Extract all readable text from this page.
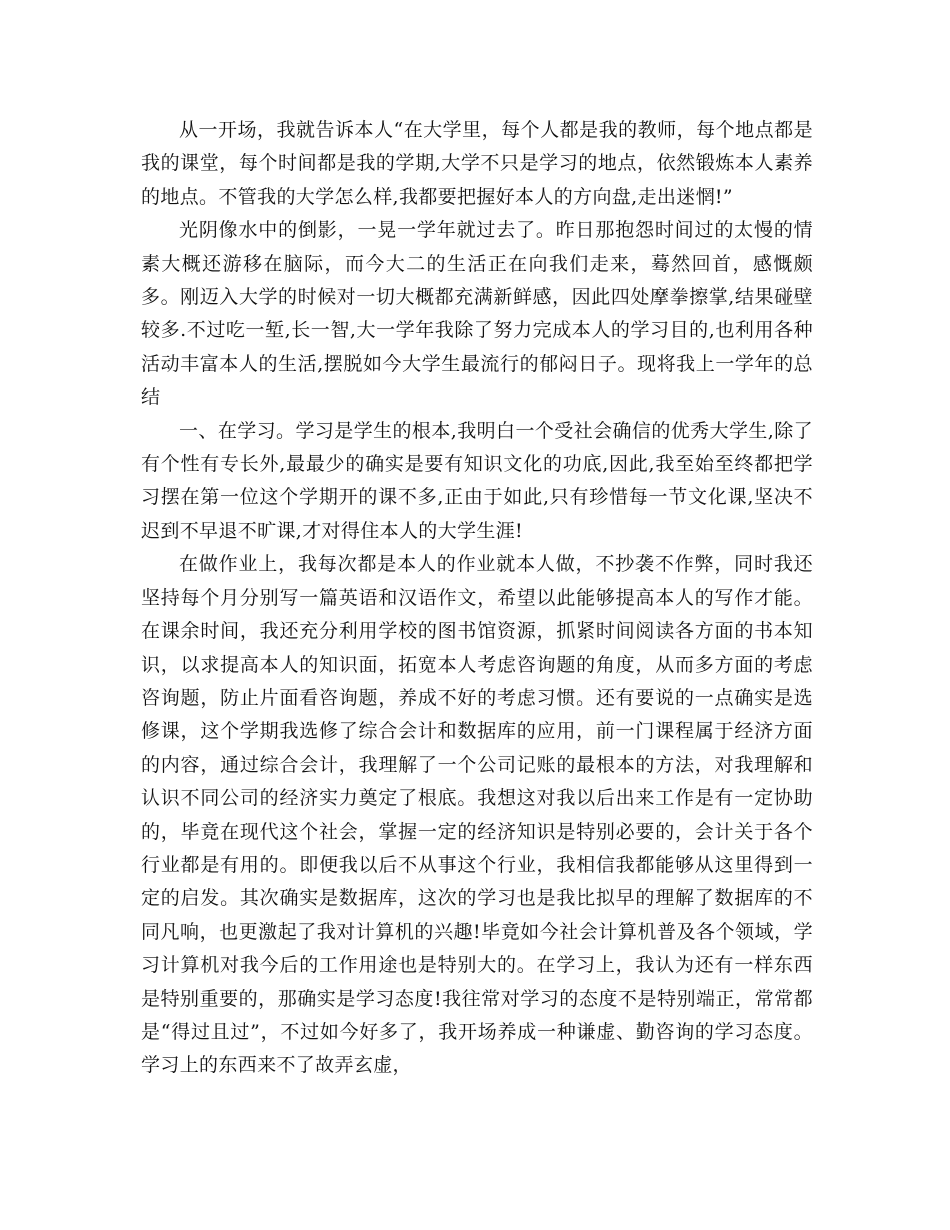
从一开场，我就告诉本人“在大学里，每个人都是我的教师，每个地点都是我的课堂，每个时间都是我的学期,大学不只是学习的地点，依然锻炼本人素养的地点。不管我的大学怎么样,我都要把握好本人的方向盘,走出迷惘!”

光阴像水中的倒影，一晃一学年就过去了。昨日那抱怨时间过的太慢的情素大概还游移在脑际，而今大二的生活正在向我们走来，蓦然回首，感慨颇多。刚迈入大学的时候对一切大概都充满新鲜感，因此四处摩拳擦掌,结果碰壁较多.不过吃一堑,长一智,大一学年我除了努力完成本人的学习目的,也利用各种活动丰富本人的生活,摆脱如今大学生最流行的郁闷日子。现将我上一学年的总结

一、在学习。学习是学生的根本,我明白一个受社会确信的优秀大学生,除了有个性有专长外,最最少的确实是要有知识文化的功底,因此,我至始至终都把学习摆在第一位这个学期开的课不多,正由于如此,只有珍惜每一节文化课,坚决不迟到不早退不旷课,才对得住本人的大学生涯!

在做作业上，我每次都是本人的作业就本人做，不抄袭不作弊，同时我还坚持每个月分别写一篇英语和汉语作文，希望以此能够提高本人的写作才能。在课余时间，我还充分利用学校的图书馆资源，抓紧时间阅读各方面的书本知识，以求提高本人的知识面，拓宽本人考虑咨询题的角度，从而多方面的考虑咨询题，防止片面看咨询题，养成不好的考虑习惯。还有要说的一点确实是选修课，这个学期我选修了综合会计和数据库的应用，前一门课程属于经济方面的内容，通过综合会计，我理解了一个公司记账的最根本的方法，对我理解和认识不同公司的经济实力奠定了根底。我想这对我以后出来工作是有一定协助的，毕竟在现代这个社会，掌握一定的经济知识是特别必要的，会计关于各个行业都是有用的。即便我以后不从事这个行业，我相信我都能够从这里得到一定的启发。其次确实是数据库，这次的学习也是我比拟早的理解了数据库的不同凡响，也更激起了我对计算机的兴趣!毕竟如今社会计算机普及各个领域，学习计算机对我今后的工作用途也是特别大的。在学习上，我认为还有一样东西是特别重要的，那确实是学习态度!我往常对学习的态度不是特别端正，常常都是“得过且过”，不过如今好多了，我开场养成一种谦虚、勤咨询的学习态度。学习上的东西来不了故弄玄虚，
